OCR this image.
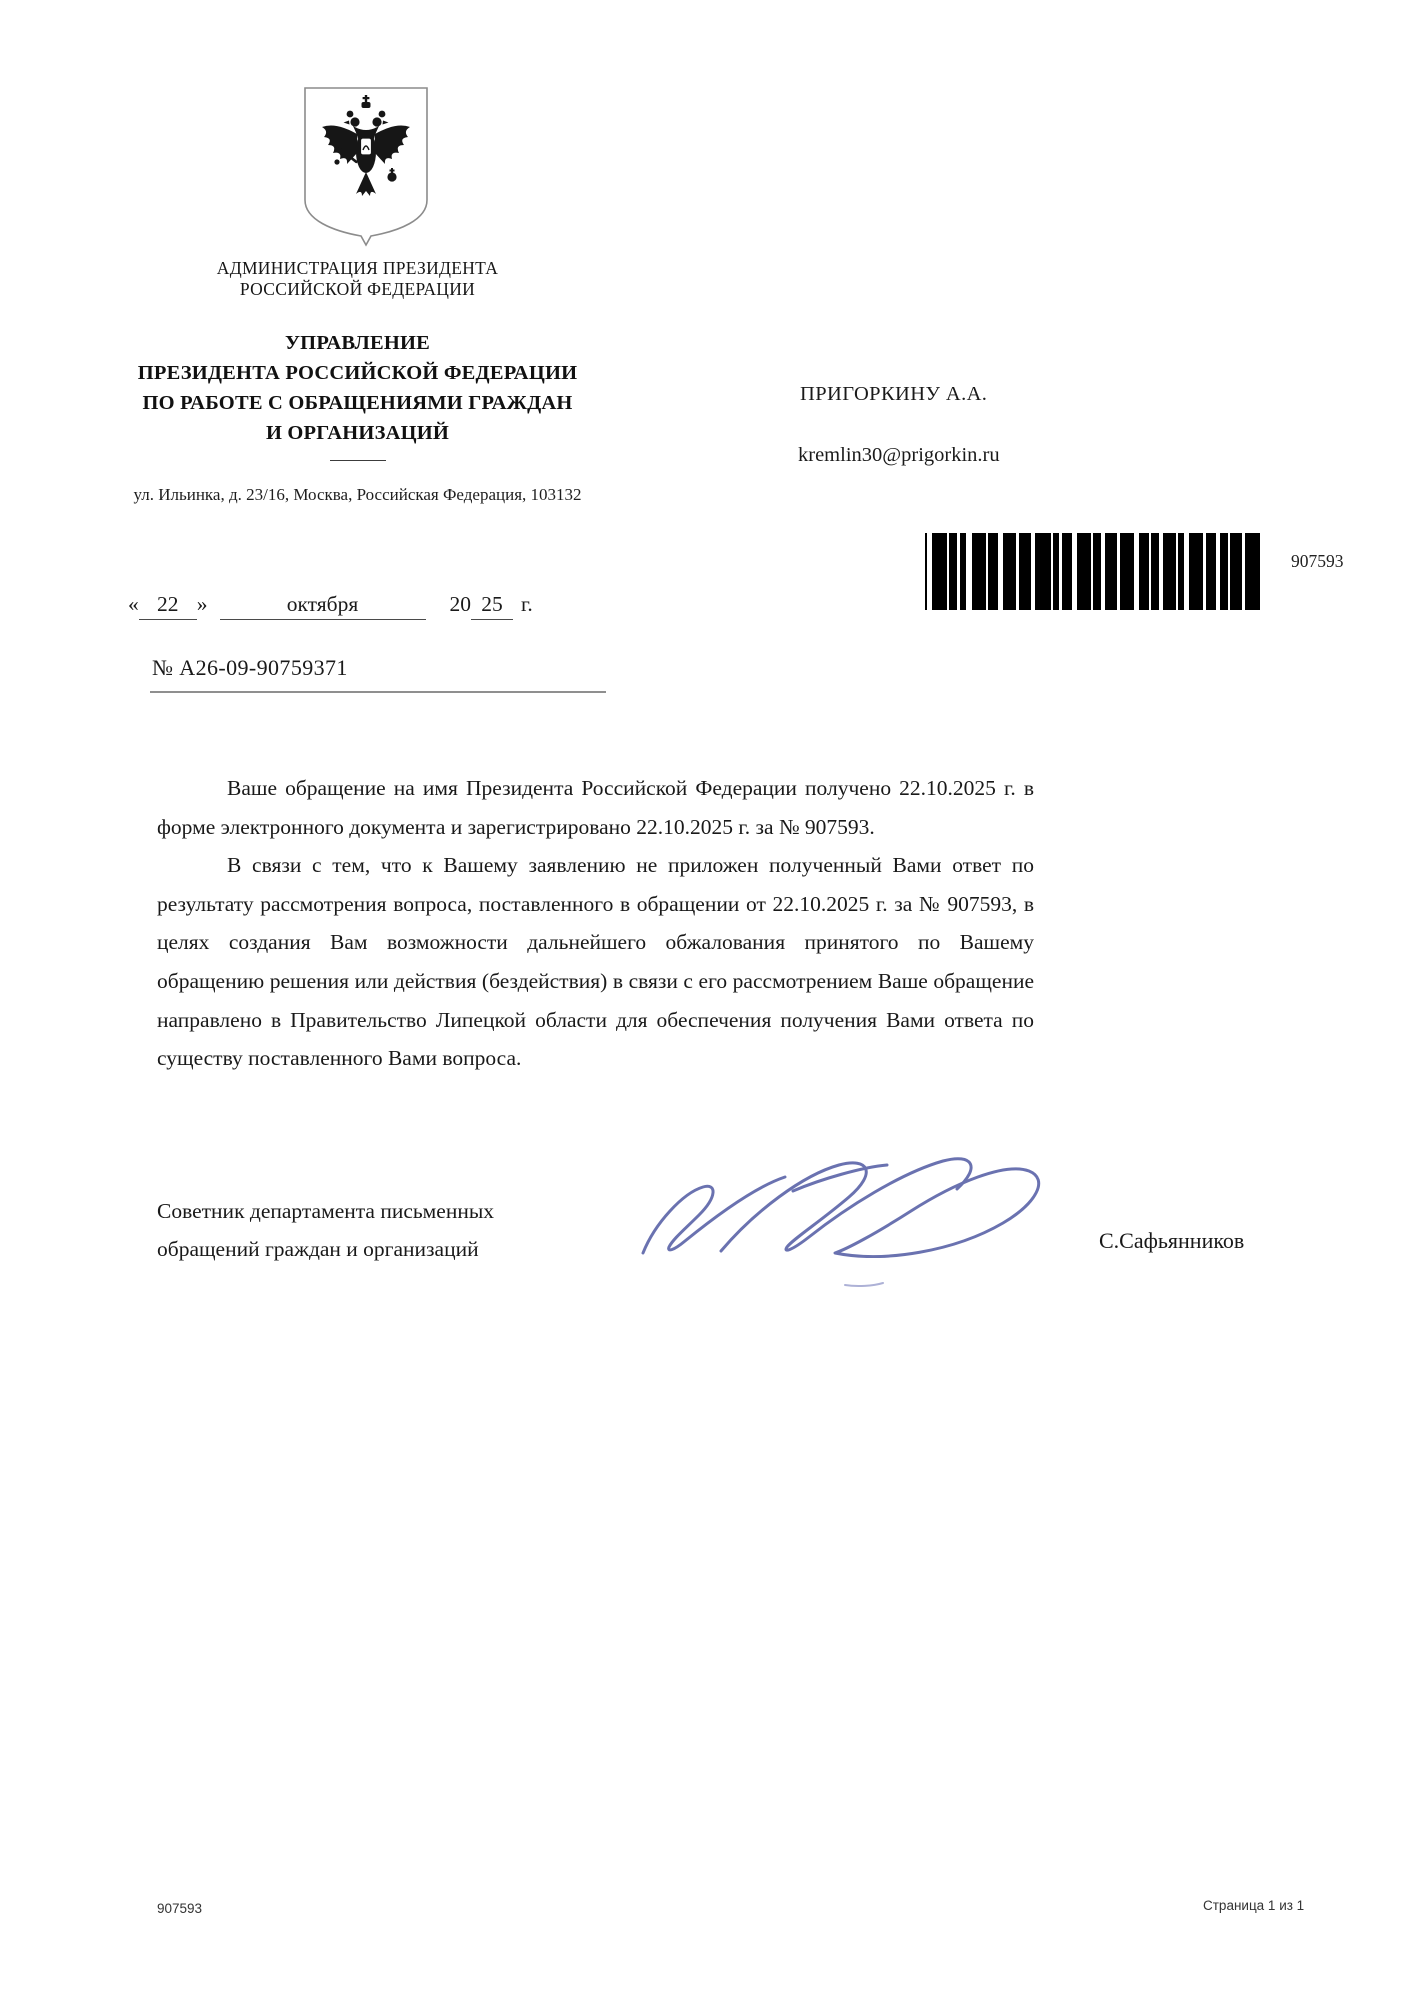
АДМИНИСТРАЦИЯ ПРЕЗИДЕНТА
РОССИЙСКОЙ ФЕДЕРАЦИИ
УПРАВЛЕНИЕ
ПРЕЗИДЕНТА РОССИЙСКОЙ ФЕДЕРАЦИИ
ПО РАБОТЕ С ОБРАЩЕНИЯМИ ГРАЖДАН
И ОРГАНИЗАЦИЙ
ул. Ильинка, д. 23/16, Москва, Российская Федерация, 103132
ПРИГОРКИНУ А.А.
kremlin30@prigorkin.ru
907593
« 22 »	октября	20 25 г.
№ А26-09-90759371

Ваше обращение на имя Президента Российской Федерации получено 22.10.2025 г. в форме электронного документа и зарегистрировано 22.10.2025 г. за № 907593.

В связи с тем, что к Вашему заявлению не приложен полученный Вами ответ по результату рассмотрения вопроса, поставленного в обращении от 22.10.2025 г. за № 907593, в целях создания Вам возможности дальнейшего обжалования принятого по Вашему обращению решения или действия (бездействия) в связи с его рассмотрением Ваше обращение направлено в Правительство Липецкой области для обеспечения получения Вами ответа по существу поставленного Вами вопроса.

Советник департамента письменных
обращений граждан и организаций	С.Сафьянников
907593	Страница 1 из 1
